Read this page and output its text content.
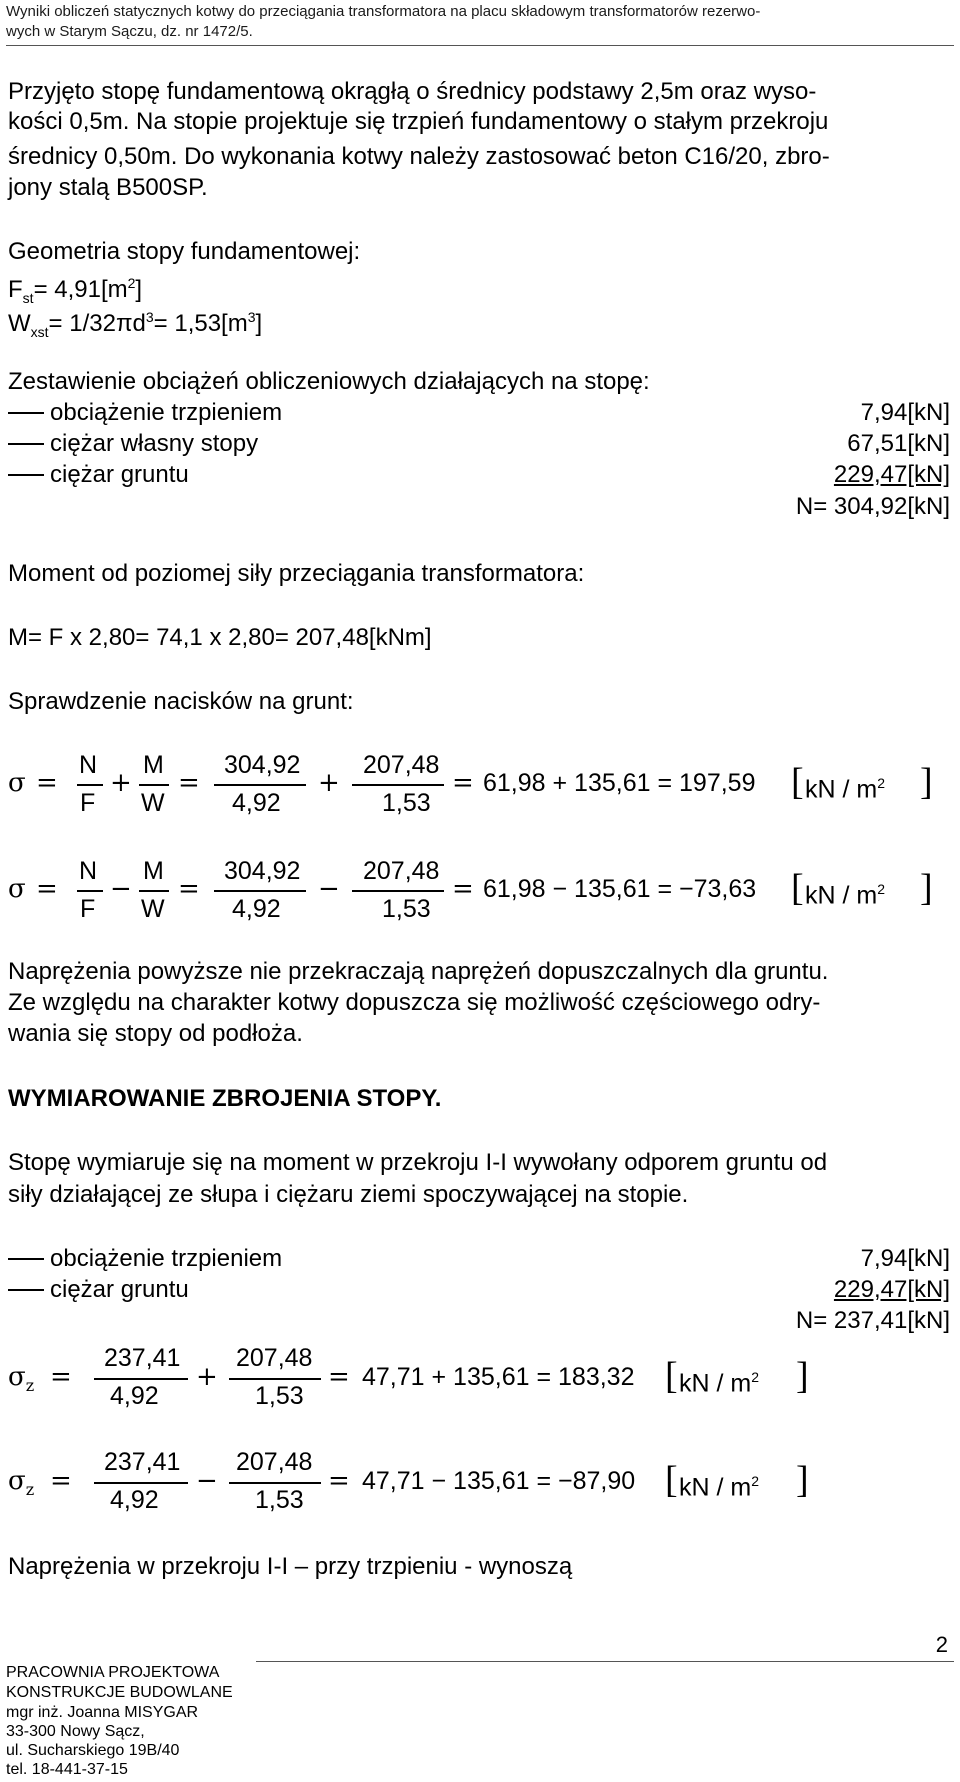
Wyniki obliczeń statycznych kotwy do przeciągania transformatora na placu składowym transformatorów rezerwo-
wych w Starym Sączu, dz. nr 1472/5.
Przyjęto stopę fundamentową okrągłą o średnicy podstawy 2,5m oraz wyso-
kości 0,5m. Na stopie projektuje się trzpień fundamentowy o stałym przekroju
średnicy 0,50m. Do wykonania kotwy należy zastosować beton C16/20, zbro-
jony stalą B500SP.
Geometria stopy fundamentowej:
$F_{st}= 4,91[m^2]$
$W_{xst}= 1/32\pi d^3= 1,53[m^3]$
Zestawienie obciążeń obliczeniowych działających na stopę:
obciążenie trzpieniem	7,94[kN]
ciężar własny stopy	67,51[kN]
ciężar gruntu	229,47[kN]
N= 304,92[kN]
Moment od poziomej siły przeciągania transformatora:
M= F x 2,80= 74,1 x 2,80= 207,48[kNm]
Sprawdzenie nacisków na grunt:
σ =
N
F
+
M
W
=
304,92
4,92
+
207,48
1,53
= 61,98 + 135,61 = 197,59 [ kN / $m^2$ ]
σ =
N
F
−
M
W
=
304,92
4,92
−
207,48
1,53
= 61,98 − 135,61 = −73,63 [ kN / $m^2$ ]
Naprężenia powyższe nie przekraczają naprężeń dopuszczalnych dla gruntu.
Ze względu na charakter kotwy dopuszcza się możliwość częściowego odry-
wania się stopy od podłoża.
WYMIAROWANIE ZBROJENIA STOPY.
Stopę wymiaruje się na moment w przekroju I-I wywołany odporem gruntu od
siły działającej ze słupa i ciężaru ziemi spoczywającej na stopie.
obciążenie trzpieniem	7,94[kN]
ciężar gruntu	229,47[kN]
N= 237,41[kN]
$\sigma_z$ =
237,41
4,92
+
207,48
1,53
= 47,71 + 135,61 = 183,32 [ kN / $m^2$ ]
$\sigma_z$ =
237,41
4,92
−
207,48
1,53
= 47,71 − 135,61 = −87,90 [ kN / $m^2$ ]
Naprężenia w przekroju I-I – przy trzpieniu - wynoszą
2
PRACOWNIA PROJEKTOWA
KONSTRUKCJE BUDOWLANE
mgr inż. Joanna MISYGAR
33-300 Nowy Sącz,
ul. Sucharskiego 19B/40
tel. 18-441-37-15
